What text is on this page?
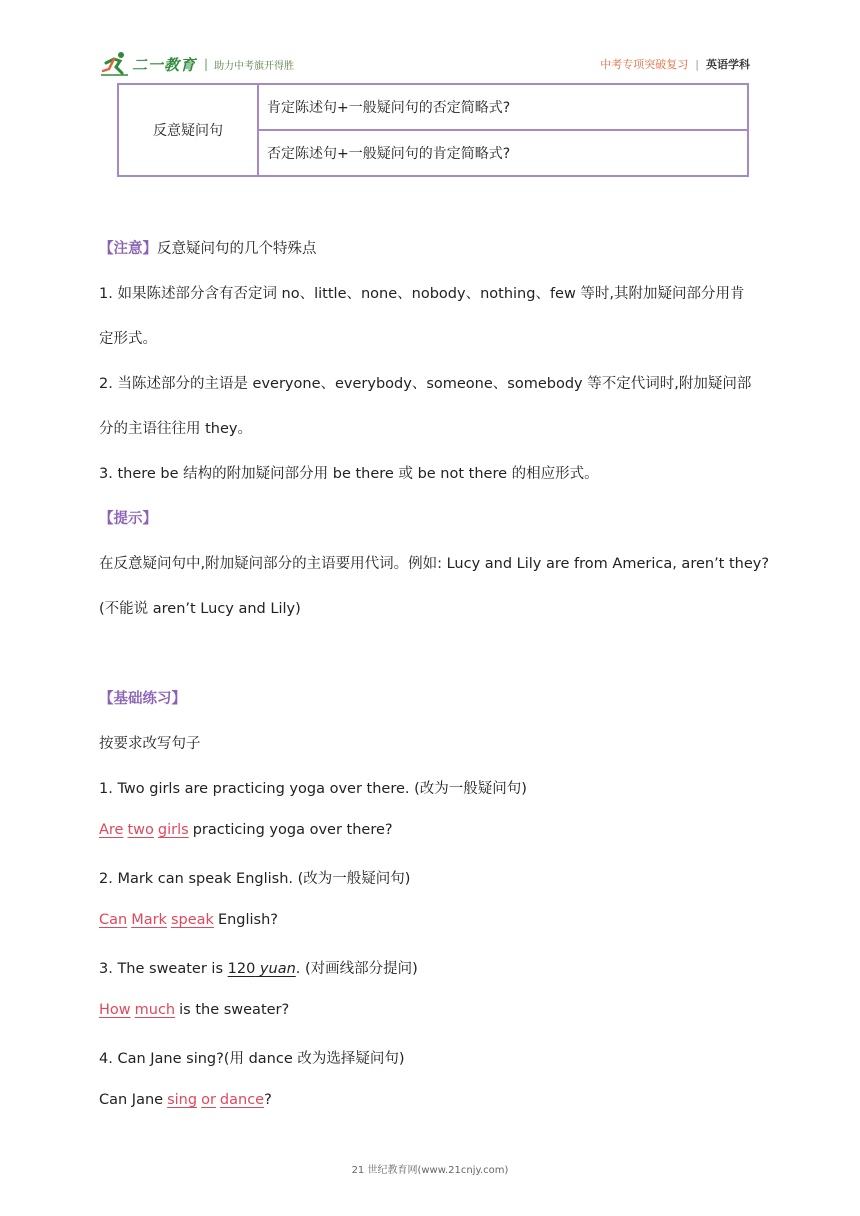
二一教育 | 助力中考旗开得胜	中考专项突破复习 | 英语学科
反意疑问句	肯定陈述句+一般疑问句的否定简略式?
否定陈述句+一般疑问句的肯定简略式?
【注意】反意疑问句的几个特殊点
1. 如果陈述部分含有否定词 no、little、none、nobody、nothing、few 等时,其附加疑问部分用肯
定形式。
2. 当陈述部分的主语是 everyone、everybody、someone、somebody 等不定代词时,附加疑问部
分的主语往往用 they。
3. there be 结构的附加疑问部分用 be there 或 be not there 的相应形式。
【提示】
在反意疑问句中,附加疑问部分的主语要用代词。例如: Lucy and Lily are from America, aren’t they?
(不能说 aren’t Lucy and Lily)
【基础练习】
按要求改写句子
1. Two girls are practicing yoga over there. (改为一般疑问句)
Are two girls practicing yoga over there?
2. Mark can speak English. (改为一般疑问句)
Can Mark speak English?
3. The sweater is 120 yuan. (对画线部分提问)
How much is the sweater?
4. Can Jane sing?(用 dance 改为选择疑问句)
Can Jane sing or dance?
21 世纪教育网(www.21cnjy.com)
